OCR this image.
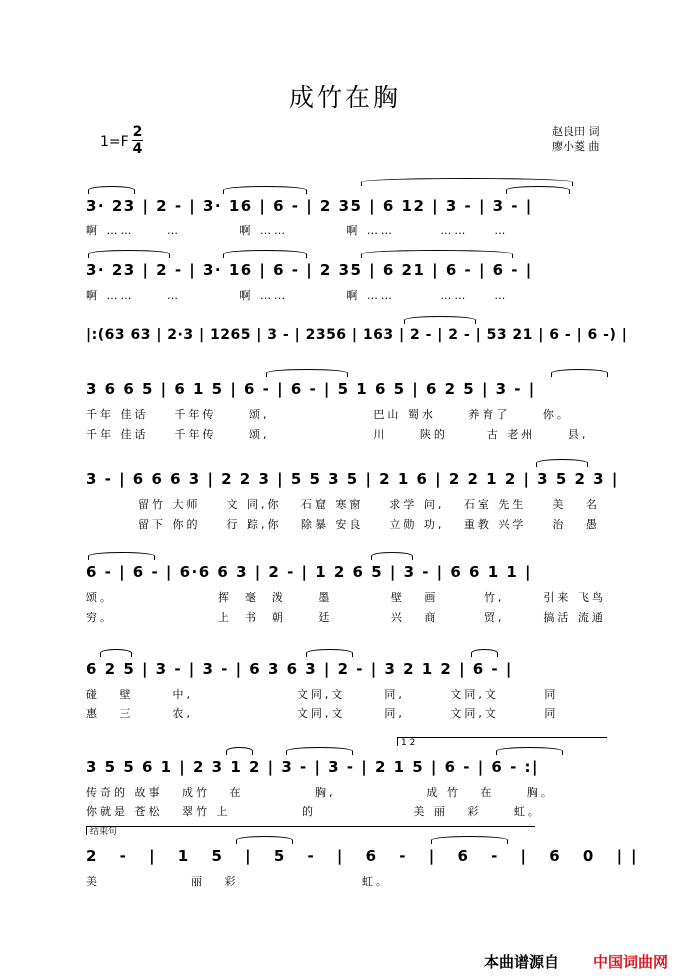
成竹在胸
1=F
2
4
赵良田 词
廖小菱 曲
3· 23 | 2 - | 3· 16 | 6 - | 2 35 | 6 12 | 3 - | 3 - |
啊 ……     …         啊 ……         啊 ……       ……    …
3· 23 | 2 - | 3· 16 | 6 - | 2 35 | 6 21 | 6 - | 6 - |
啊 ……     …         啊 ……         啊 ……       ……    …
|:(63 63 | 2·3 | 1265 | 3 - | 2356 | 163 | 2 - | 2 - | 53 21 | 6 - | 6 -) |
3 6 6 5 | 6 1 5 | 6 - | 6 - | 5 1 6 5 | 6 2 5 | 3 - |
千年 佳话    千年传     颂,                巴山 蜀水     养育了     你。
千年 佳话    千年传     颂,                川     陕的      古 老州     县,
3 - | 6 6 6 3 | 2 2 3 | 5 5 3 5 | 2 1 6 | 2 2 1 2 | 3 5 2 3 |
留竹 大师    文 同,你   石窟 寒窗    求学 问,   石室 先生    美   名
留下 你的    行 踪,你   除暴 安良    立勋 功,   重教 兴学    治   愚
6 - | 6 - | 6·6 6 3 | 2 - | 1 2 6 5 | 3 - | 6 6 1 1 |
颂。                挥  毫  泼     墨         壁   画       竹,      引来 飞鸟
穷。                上  书  朝     廷         兴   商       贸,      搞活 流通
6 2 5 | 3 - | 3 - | 6 3 6 3 | 2 - | 3 2 1 2 | 6 - |
碰   壁      中,                文同,文      同,       文同,文       同
惠   三      农,                文同,文      同,       文同,文       同
1 2
3 5 5 6 1 | 2 3 1 2 | 3 - | 3 - | 2 1 5 | 6 - | 6 - :|
传奇的 故事   成竹   在           胸,              成 竹   在     胸。
你就是 苍松   翠竹 上           的               美 丽   彩     虹。
结束句
2 - | 1 5 | 5 - | 6 - | 6 - | 6 0 ||
美              丽   彩                   虹。
本曲谱源自 中国词曲网
